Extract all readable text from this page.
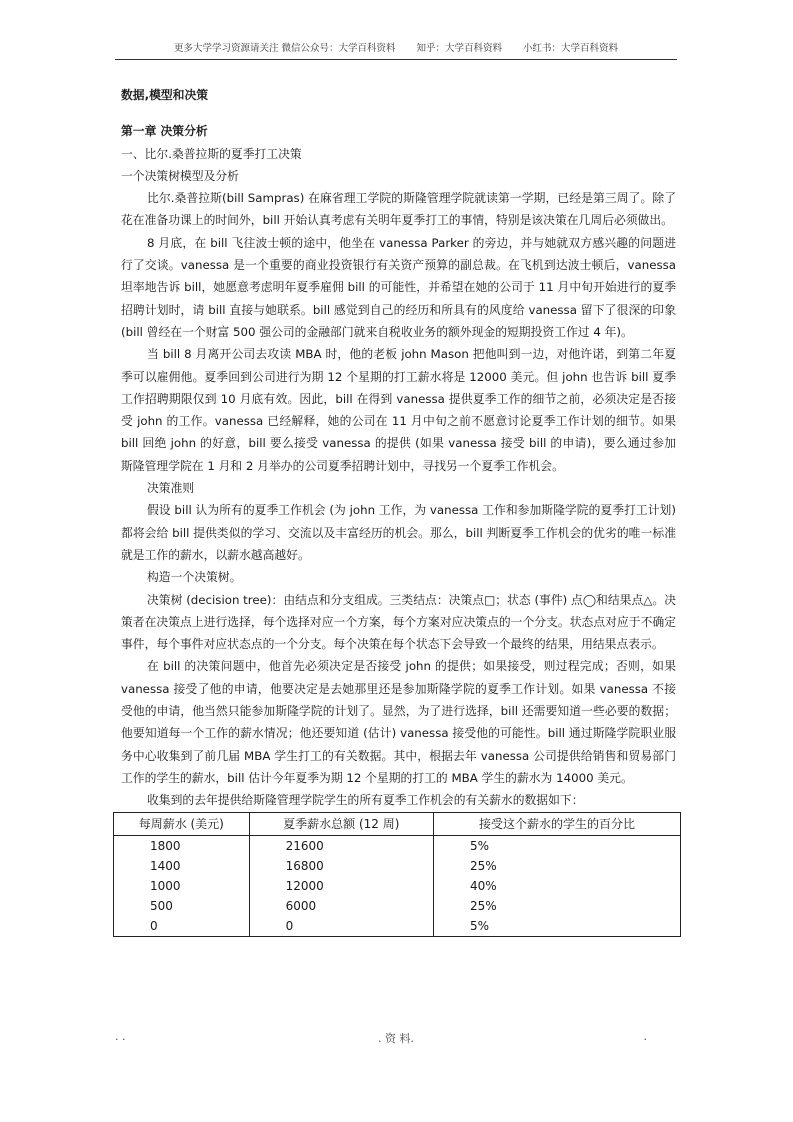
更多大学学习资源请关注 微信公众号：大学百科资料 知乎：大学百科资料 小红书：大学百科资料

数据,模型和决策

第一章 决策分析

一、比尔.桑普拉斯的夏季打工决策

一个决策树模型及分析

比尔.桑普拉斯(bill Sampras) 在麻省理工学院的斯隆管理学院就读第一学期，已经是第三周了。除了花在准备功课上的时间外，bill 开始认真考虑有关明年夏季打工的事情，特别是该决策在几周后必须做出。

8 月底，在 bill 飞往波士顿的途中，他坐在 vanessa Parker 的旁边，并与她就双方感兴趣的问题进行了交谈。vanessa 是一个重要的商业投资银行有关资产预算的副总裁。在飞机到达波士顿后，vanessa 坦率地告诉 bill，她愿意考虑明年夏季雇佣 bill 的可能性，并希望在她的公司于 11 月中旬开始进行的夏季招聘计划时，请 bill 直接与她联系。bill 感觉到自己的经历和所具有的风度给 vanessa 留下了很深的印象 (bill 曾经在一个财富 500 强公司的金融部门就来自税收业务的额外现金的短期投资工作过 4 年)。

当 bill 8 月离开公司去攻读 MBA 时，他的老板 john Mason 把他叫到一边，对他许诺，到第二年夏季可以雇佣他。夏季回到公司进行为期 12 个星期的打工薪水将是 12000 美元。但 john 也告诉 bill 夏季工作招聘期限仅到 10 月底有效。因此，bill 在得到 vanessa 提供夏季工作的细节之前，必须决定是否接受 john 的工作。vanessa 已经解释，她的公司在 11 月中旬之前不愿意讨论夏季工作计划的细节。如果 bill 回绝 john 的好意，bill 要么接受 vanessa 的提供 (如果 vanessa 接受 bill 的申请)，要么通过参加斯隆管理学院在 1 月和 2 月举办的公司夏季招聘计划中，寻找另一个夏季工作机会。

决策准则

假设 bill 认为所有的夏季工作机会 (为 john 工作，为 vanessa 工作和参加斯隆学院的夏季打工计划) 都将会给 bill 提供类似的学习、交流以及丰富经历的机会。那么，bill 判断夏季工作机会的优劣的唯一标准就是工作的薪水，以薪水越高越好。

构造一个决策树。

决策树 (decision tree)：由结点和分支组成。三类结点：决策点□；状态 (事件) 点◯和结果点△。决策者在决策点上进行选择，每个选择对应一个方案，每个方案对应决策点的一个分支。状态点对应于不确定事件，每个事件对应状态点的一个分支。每个决策在每个状态下会导致一个最终的结果，用结果点表示。

在 bill 的决策问题中，他首先必须决定是否接受 john 的提供；如果接受，则过程完成；否则，如果 vanessa 接受了他的申请，他要决定是去她那里还是参加斯隆学院的夏季工作计划。如果 vanessa 不接受他的申请，他当然只能参加斯隆学院的计划了。显然，为了进行选择，bill 还需要知道一些必要的数据；他要知道每一个工作的薪水情况；他还要知道 (估计) vanessa 接受他的可能性。bill 通过斯隆学院职业服务中心收集到了前几届 MBA 学生打工的有关数据。其中，根据去年 vanessa 公司提供给销售和贸易部门工作的学生的薪水，bill 估计今年夏季为期 12 个星期的打工的 MBA 学生的薪水为 14000 美元。

收集到的去年提供给斯隆管理学院学生的所有夏季工作机会的有关薪水的数据如下：

每周薪水 (美元)	夏季薪水总额 (12 周)	接受这个薪水的学生的百分比
1800	21600	5%
1400	16800	25%
1000	12000	40%
500	6000	25%
0	0	5%
. .	. 资 料.	.
